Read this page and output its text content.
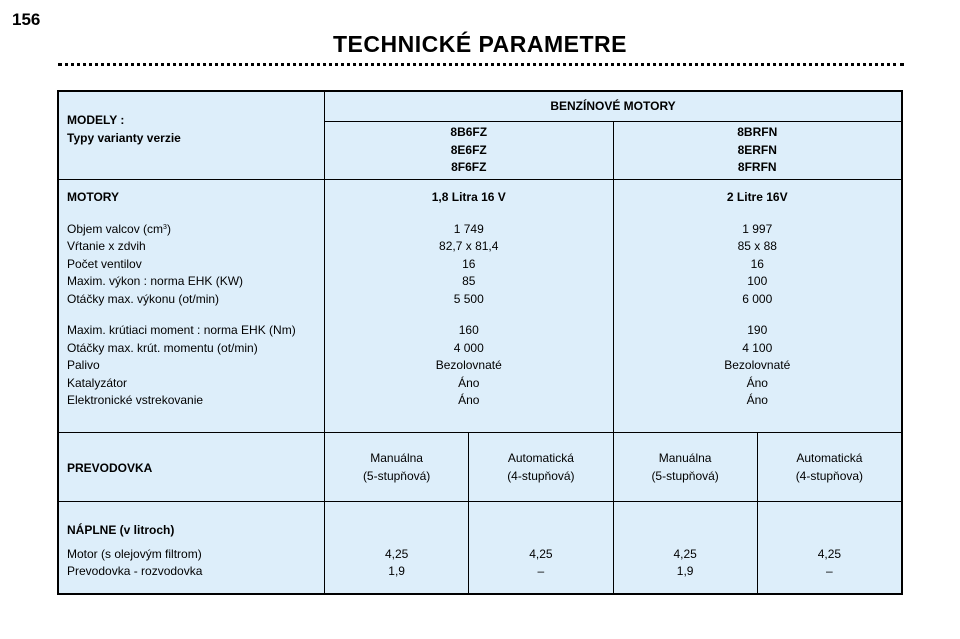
156
TECHNICKÉ PARAMETRE
MODELY :
Typy varianty verzie
BENZÍNOVÉ MOTORY
8B6FZ
8E6FZ
8F6FZ
8BRFN
8ERFN
8FRFN
MOTORY
Objem valcov $(cm^3)$
Vŕtanie x zdvih
Počet ventilov
Maxim. výkon : norma EHK (KW)
Otáčky max. výkonu (ot/min)
Maxim. krútiaci moment : norma EHK (Nm)
Otáčky max. krút. momentu (ot/min)
Palivo
Katalyzátor
Elektronické vstrekovanie
1,8 Litra 16 V
1 749
82,7 x 81,4
16
85
5 500
160
4 000
Bezolovnaté
Áno
Áno
2 Litre 16V
1 997
85 x 88
16
100
6 000
190
4 100
Bezolovnaté
Áno
Áno
PREVODOVKA
Manuálna
(5-stupňová)
Automatická
(4-stupňová)
Manuálna
(5-stupňová)
Automatická
(4-stupňova)
NÁPLNE (v litroch)
Motor (s olejovým filtrom)
Prevodovka - rozvodovka
4,25
1,9
4,25
–
4,25
1,9
4,25
–
